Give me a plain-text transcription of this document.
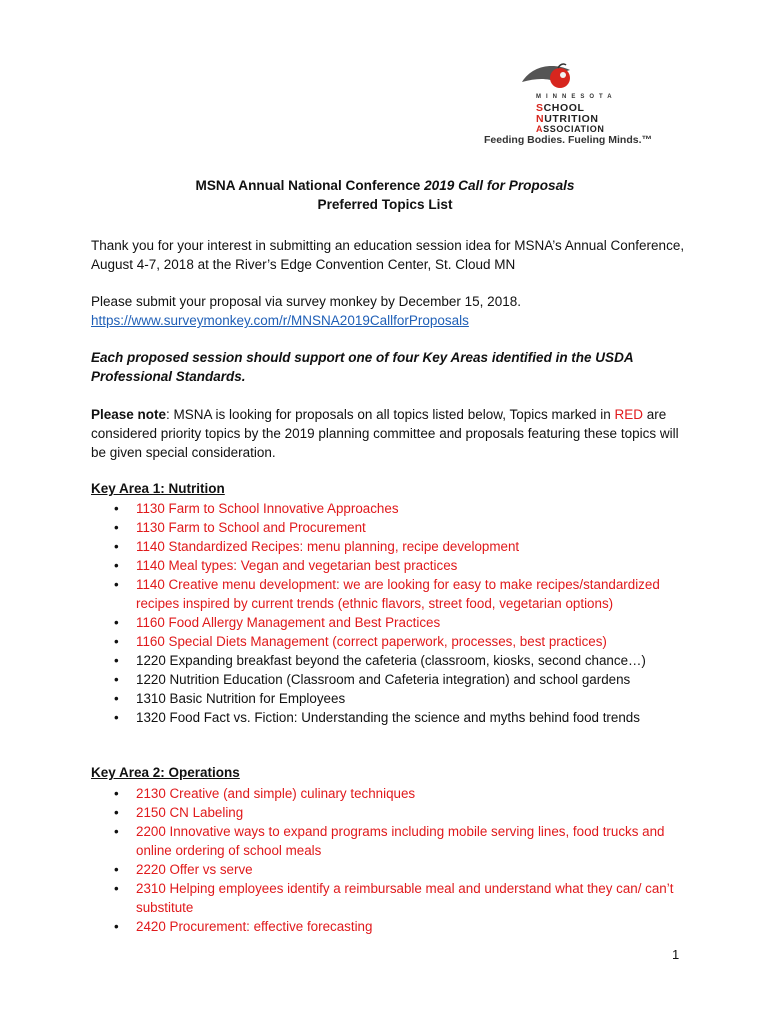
MINNESOTA
SCHOOL
NUTRITION
ASSOCIATION
Feeding Bodies. Fueling Minds.™
MSNA Annual National Conference 2019 Call for Proposals
Preferred Topics List
Thank you for your interest in submitting an education session idea for MSNA’s Annual Conference, August 4-7, 2018 at the River’s Edge Convention Center, St. Cloud MN
Please submit your proposal via survey monkey by December 15, 2018.
https://www.surveymonkey.com/r/MNSNA2019CallforProposals
Each proposed session should support one of four Key Areas identified in the USDA Professional Standards.
Please note: MSNA is looking for proposals on all topics listed below, Topics marked in RED are considered priority topics by the 2019 planning committee and proposals featuring these topics will be given special consideration.
Key Area 1: Nutrition
• 1130 Farm to School Innovative Approaches
• 1130 Farm to School and Procurement
• 1140 Standardized Recipes: menu planning, recipe development
• 1140 Meal types: Vegan and vegetarian best practices
• 1140 Creative menu development: we are looking for easy to make recipes/standardized recipes inspired by current trends (ethnic flavors, street food, vegetarian options)
• 1160 Food Allergy Management and Best Practices
• 1160 Special Diets Management (correct paperwork, processes, best practices)
• 1220 Expanding breakfast beyond the cafeteria (classroom, kiosks, second chance…)
• 1220 Nutrition Education (Classroom and Cafeteria integration) and school gardens
• 1310 Basic Nutrition for Employees
• 1320 Food Fact vs. Fiction: Understanding the science and myths behind food trends
Key Area 2: Operations
• 2130 Creative (and simple) culinary techniques
• 2150 CN Labeling
• 2200 Innovative ways to expand programs including mobile serving lines, food trucks and online ordering of school meals
• 2220 Offer vs serve
• 2310 Helping employees identify a reimbursable meal and understand what they can/ can’t substitute
• 2420 Procurement: effective forecasting
1
